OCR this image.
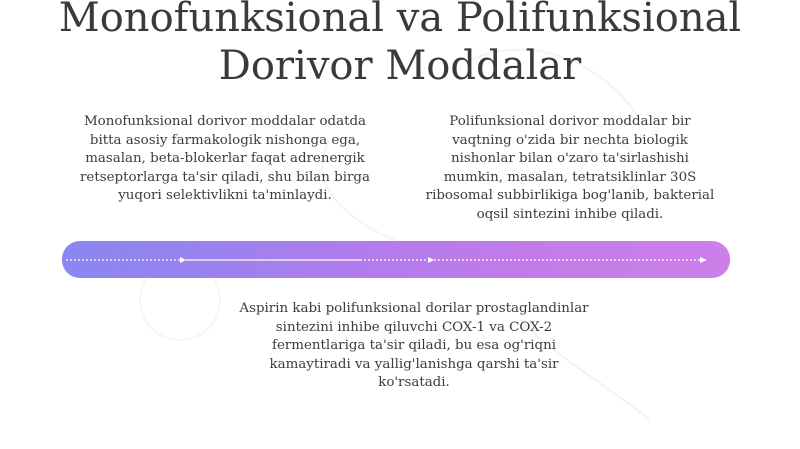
Monofunksional va Polifunksional
Dorivor Moddalar
Monofunksional dorivor moddalar odatda bitta asosiy farmakologik nishonga ega, masalan, beta-blokerlar faqat adrenergik retseptorlarga ta'sir qiladi, shu bilan birga yuqori selektivlikni ta'minlaydi.
Polifunksional dorivor moddalar bir vaqtning o'zida bir nechta biologik nishonlar bilan o'zaro ta'sirlashishi mumkin, masalan, tetratsiklinlar 30S ribosomal subbirlikiga bog'lanib, bakterial oqsil sintezini inhibe qiladi.
Aspirin kabi polifunksional dorilar prostaglandinlar sintezini inhibe qiluvchi COX-1 va COX-2 fermentlariga ta'sir qiladi, bu esa og'riqni kamaytiradi va yallig'lanishga qarshi ta'sir ko'rsatadi.
